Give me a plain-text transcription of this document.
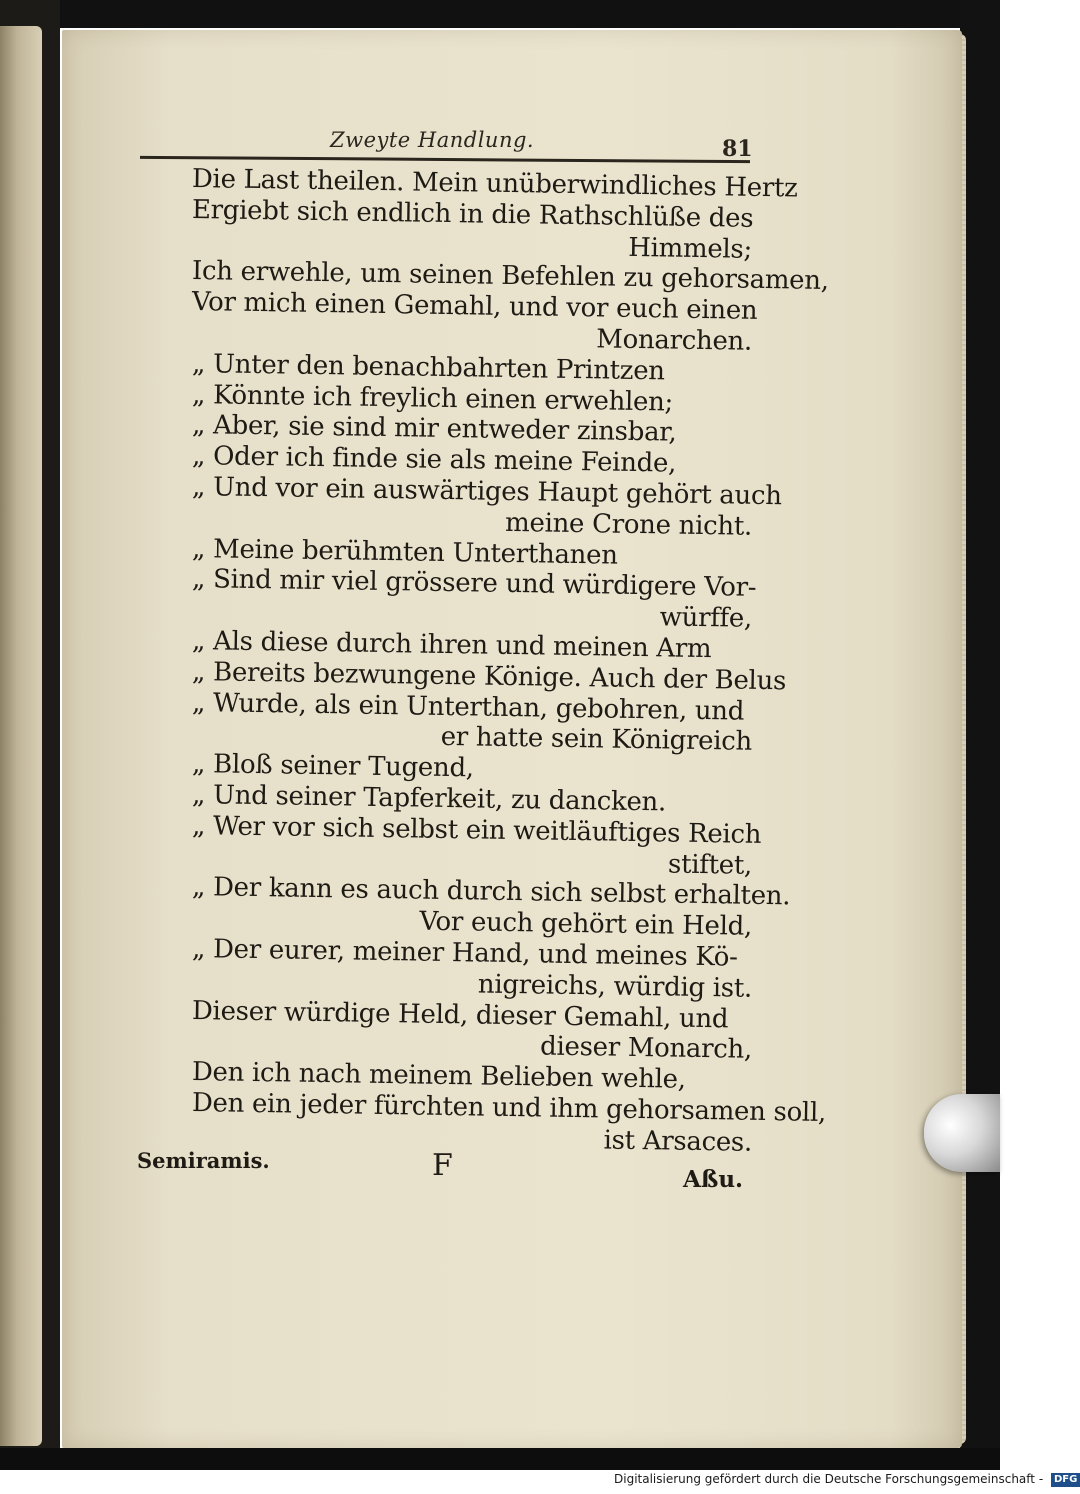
Zweyte Handlung.	81
Die Last theilen. Mein unüberwindliches Hertz
Ergiebt sich endlich in die Rathschlüße des
Himmels;
Ich erwehle, um seinen Befehlen zu gehorsamen,
Vor mich einen Gemahl, und vor euch einen
Monarchen.
„ Unter den benachbahrten Printzen
„ Könnte ich freylich einen erwehlen;
„ Aber, sie sind mir entweder zinsbar,
„ Oder ich finde sie als meine Feinde,
„ Und vor ein auswärtiges Haupt gehört auch
meine Crone nicht.
„ Meine berühmten Unterthanen
„ Sind mir viel grössere und würdigere Vor-
würffe,
„ Als diese durch ihren und meinen Arm
„ Bereits bezwungene Könige. Auch der Belus
„ Wurde, als ein Unterthan, gebohren, und
er hatte sein Königreich
„ Bloß seiner Tugend,
„ Und seiner Tapferkeit, zu dancken.
„ Wer vor sich selbst ein weitläuftiges Reich
stiftet,
„ Der kann es auch durch sich selbst erhalten.
Vor euch gehört ein Held,
„ Der eurer, meiner Hand, und meines Kö-
nigreichs, würdig ist.
Dieser würdige Held, dieser Gemahl, und
dieser Monarch,
Den ich nach meinem Belieben wehle,
Den ein jeder fürchten und ihm gehorsamen soll,
ist Arsaces.
Semiramis.	F	Aßu.
Digitalisierung gefördert durch die Deutsche Forschungsgemeinschaft - DFG
